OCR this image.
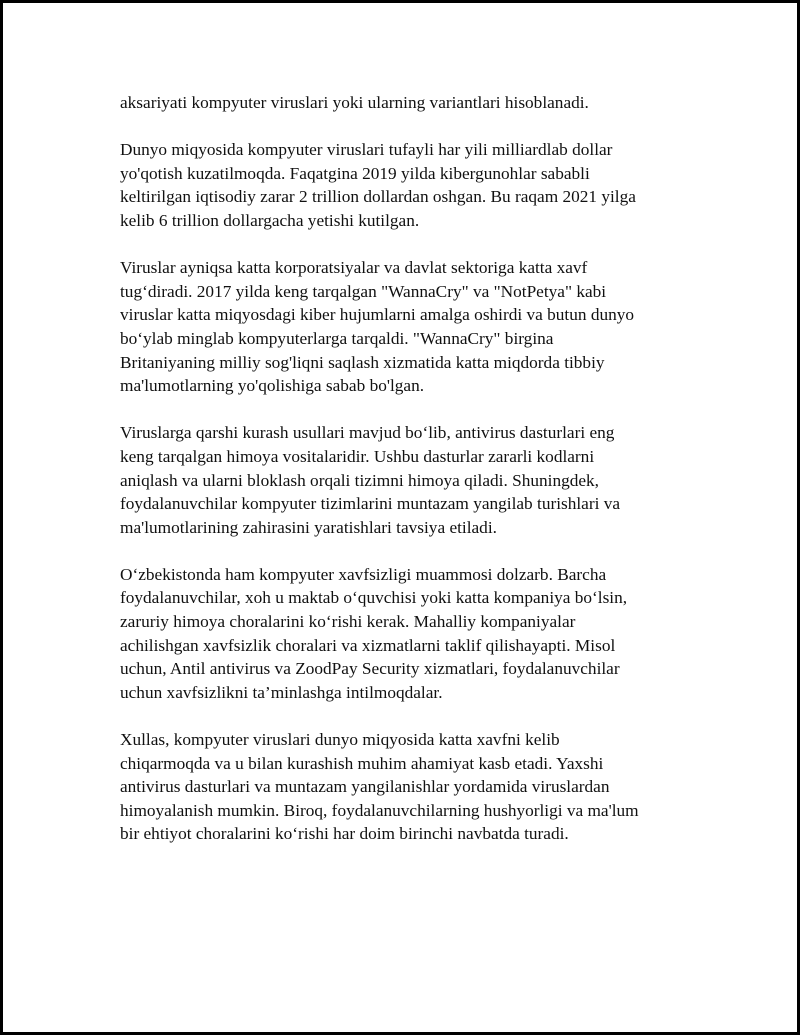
aksariyati kompyuter viruslari yoki ularning variantlari hisoblanadi.

Dunyo miqyosida kompyuter viruslari tufayli har yili milliardlab dollar
yo'qotish kuzatilmoqda. Faqatgina 2019 yilda kibergunohlar sababli
keltirilgan iqtisodiy zarar 2 trillion dollardan oshgan. Bu raqam 2021 yilga
kelib 6 trillion dollargacha yetishi kutilgan.

Viruslar ayniqsa katta korporatsiyalar va davlat sektoriga katta xavf
tug‘diradi. 2017 yilda keng tarqalgan "WannaCry" va "NotPetya" kabi
viruslar katta miqyosdagi kiber hujumlarni amalga oshirdi va butun dunyo
bo‘ylab minglab kompyuterlarga tarqaldi. "WannaCry" birgina
Britaniyaning milliy sog'liqni saqlash xizmatida katta miqdorda tibbiy
ma'lumotlarning yo'qolishiga sabab bo'lgan.

Viruslarga qarshi kurash usullari mavjud bo‘lib, antivirus dasturlari eng
keng tarqalgan himoya vositalaridir. Ushbu dasturlar zararli kodlarni
aniqlash va ularni bloklash orqali tizimni himoya qiladi. Shuningdek,
foydalanuvchilar kompyuter tizimlarini muntazam yangilab turishlari va
ma'lumotlarining zahirasini yaratishlari tavsiya etiladi.

O‘zbekistonda ham kompyuter xavfsizligi muammosi dolzarb. Barcha
foydalanuvchilar, xoh u maktab o‘quvchisi yoki katta kompaniya bo‘lsin,
zaruriy himoya choralarini ko‘rishi kerak. Mahalliy kompaniyalar
achilishgan xavfsizlik choralari va xizmatlarni taklif qilishayapti. Misol
uchun, Antil antivirus va ZoodPay Security xizmatlari, foydalanuvchilar
uchun xavfsizlikni ta’minlashga intilmoqdalar.

Xullas, kompyuter viruslari dunyo miqyosida katta xavfni kelib
chiqarmoqda va u bilan kurashish muhim ahamiyat kasb etadi. Yaxshi
antivirus dasturlari va muntazam yangilanishlar yordamida viruslardan
himoyalanish mumkin. Biroq, foydalanuvchilarning hushyorligi va ma'lum
bir ehtiyot choralarini ko‘rishi har doim birinchi navbatda turadi.
